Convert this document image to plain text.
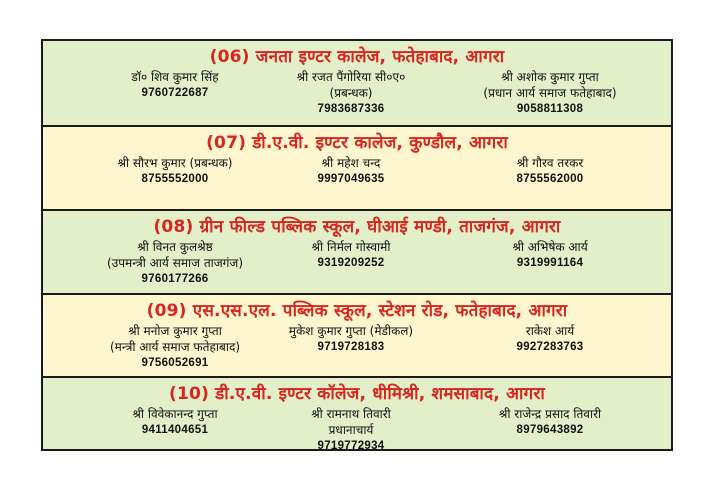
(06) जनता इण्टर कालेज, फतेहाबाद, आगरा
डॉ० शिव कुमार सिंह
9760722687
श्री रजत पैंगोरिया सी०ए०
(प्रबन्धक)
7983687336
श्री अशोक कुमार गुप्ता
(प्रधान आर्य समाज फतेहाबाद)
9058811308
(07) डी.ए.वी. इण्टर कालेज, कुण्डौल, आगरा
श्री सौरभ कुमार (प्रबन्धक)
8755552000
श्री महेश चन्द
9997049635
श्री गौरव तरकर
8755562000
(08) ग्रीन फील्ड पब्लिक स्कूल, घीआई मण्डी, ताजगंज, आगरा
श्री विनत कुलश्रेष्ठ
(उपमन्त्री आर्य समाज ताजगंज)
9760177266
श्री निर्मल गोस्वामी
9319209252
श्री अभिषेक आर्य
9319991164
(09) एस.एस.एल. पब्लिक स्कूल, स्टेशन रोड, फतेहाबाद, आगरा
श्री मनोज कुमार गुप्ता
(मन्त्री आर्य समाज फतेहाबाद)
9756052691
मुकेश कुमार गुप्ता (मेडीकल)
9719728183
राकेश आर्य
9927283763
(10) डी.ए.वी. इण्टर कॉलेज, धीमिश्री, शमसाबाद, आगरा
श्री विवेकानन्द गुप्ता
9411404651
श्री रामनाथ तिवारी
प्रधानाचार्य
9719772934
श्री राजेन्द्र प्रसाद तिवारी
8979643892
